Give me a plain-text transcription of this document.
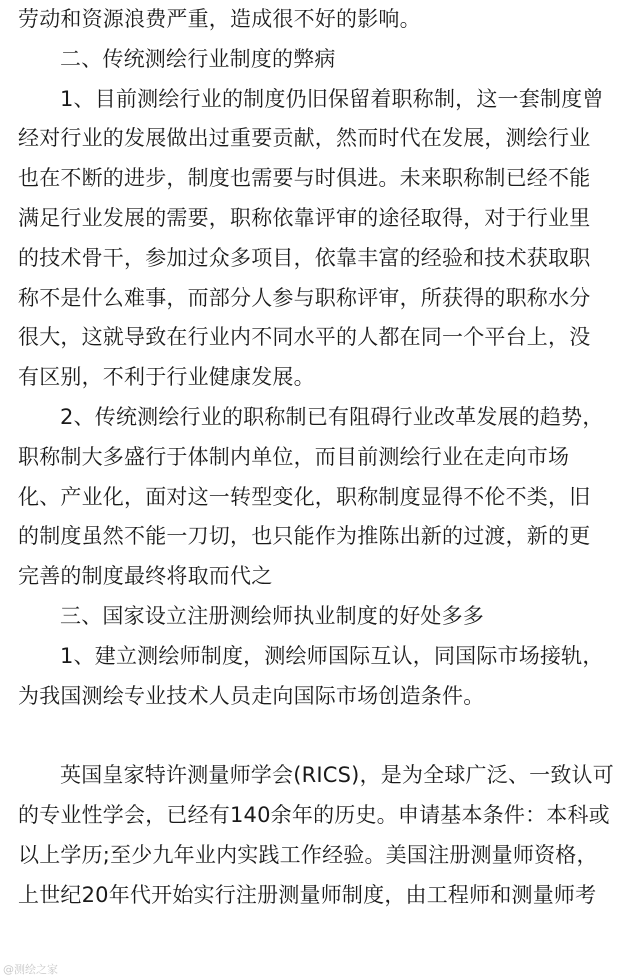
劳动和资源浪费严重，造成很不好的影响。
二、传统测绘行业制度的弊病
1、目前测绘行业的制度仍旧保留着职称制，这一套制度曾
经对行业的发展做出过重要贡献，然而时代在发展，测绘行业
也在不断的进步，制度也需要与时俱进。未来职称制已经不能
满足行业发展的需要，职称依靠评审的途径取得，对于行业里
的技术骨干，参加过众多项目，依靠丰富的经验和技术获取职
称不是什么难事，而部分人参与职称评审，所获得的职称水分
很大，这就导致在行业内不同水平的人都在同一个平台上，没
有区别，不利于行业健康发展。
2、传统测绘行业的职称制已有阻碍行业改革发展的趋势，
职称制大多盛行于体制内单位，而目前测绘行业在走向市场
化、产业化，面对这一转型变化，职称制度显得不伦不类，旧
的制度虽然不能一刀切，也只能作为推陈出新的过渡，新的更
完善的制度最终将取而代之
三、国家设立注册测绘师执业制度的好处多多
1、建立测绘师制度，测绘师国际互认，同国际市场接轨，
为我国测绘专业技术人员走向国际市场创造条件。
英国皇家特许测量师学会(RICS)，是为全球广泛、一致认可
的专业性学会，已经有140余年的历史。申请基本条件：本科或
以上学历;至少九年业内实践工作经验。美国注册测量师资格，
上世纪20年代开始实行注册测量师制度，由工程师和测量师考
@测绘之家
